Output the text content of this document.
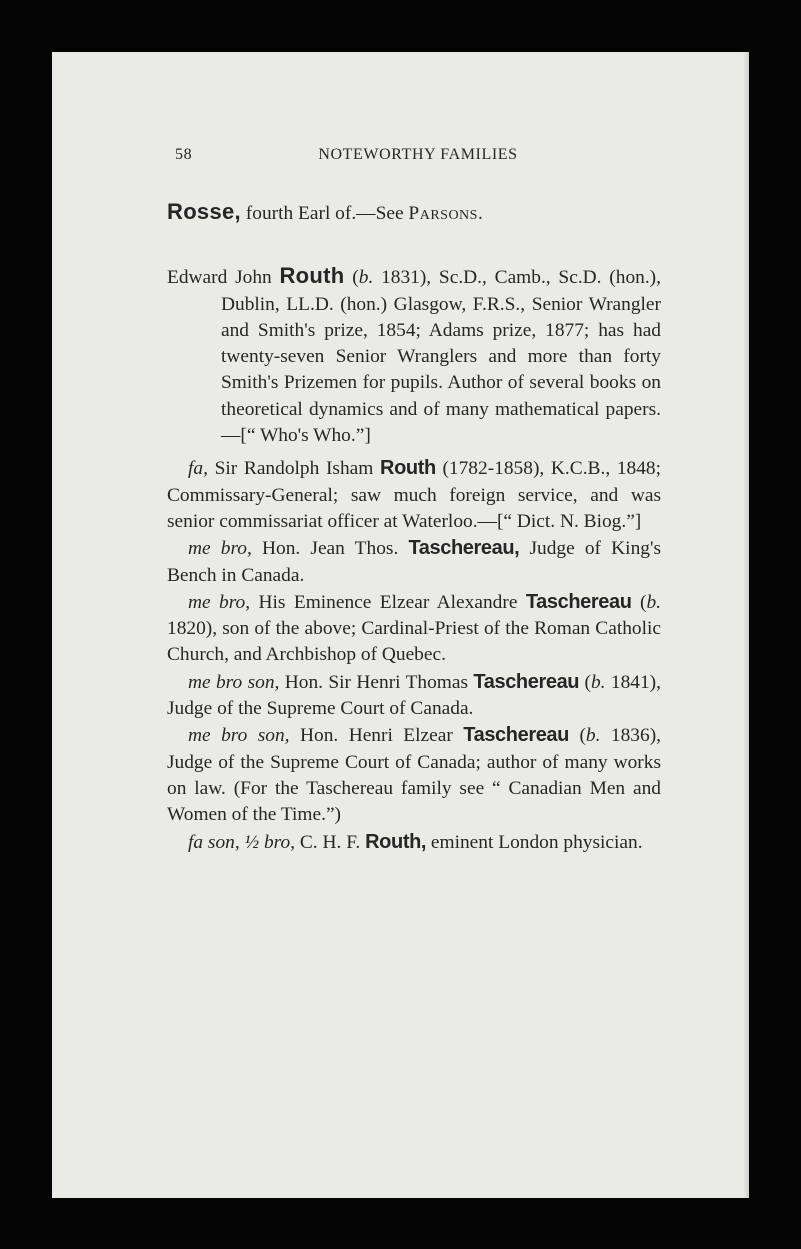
58	NOTEWORTHY FAMILIES

Rosse, fourth Earl of.—See Parsons.

Edward John Routh (b. 1831), Sc.D., Camb., Sc.D. (hon.), Dublin, LL.D. (hon.) Glasgow, F.R.S., Senior Wrangler and Smith's prize, 1854; Adams prize, 1877; has had twenty-seven Senior Wranglers and more than forty Smith's Prizemen for pupils. Author of several books on theoretical dynamics and of many mathematical papers.—[“ Who's Who.”]

fa, Sir Randolph Isham Routh (1782-1858), K.C.B., 1848; Commissary-General; saw much foreign service, and was senior commissariat officer at Waterloo.—[“ Dict. N. Biog.”]

me bro, Hon. Jean Thos. Taschereau, Judge of King's Bench in Canada.

me bro, His Eminence Elzear Alexandre Taschereau (b. 1820), son of the above; Cardinal-Priest of the Roman Catholic Church, and Archbishop of Quebec.

me bro son, Hon. Sir Henri Thomas Taschereau (b. 1841), Judge of the Supreme Court of Canada.

me bro son, Hon. Henri Elzear Taschereau (b. 1836), Judge of the Supreme Court of Canada; author of many works on law. (For the Taschereau family see “ Canadian Men and Women of the Time.”)

fa son, ½ bro, C. H. F. Routh, eminent London physician.
